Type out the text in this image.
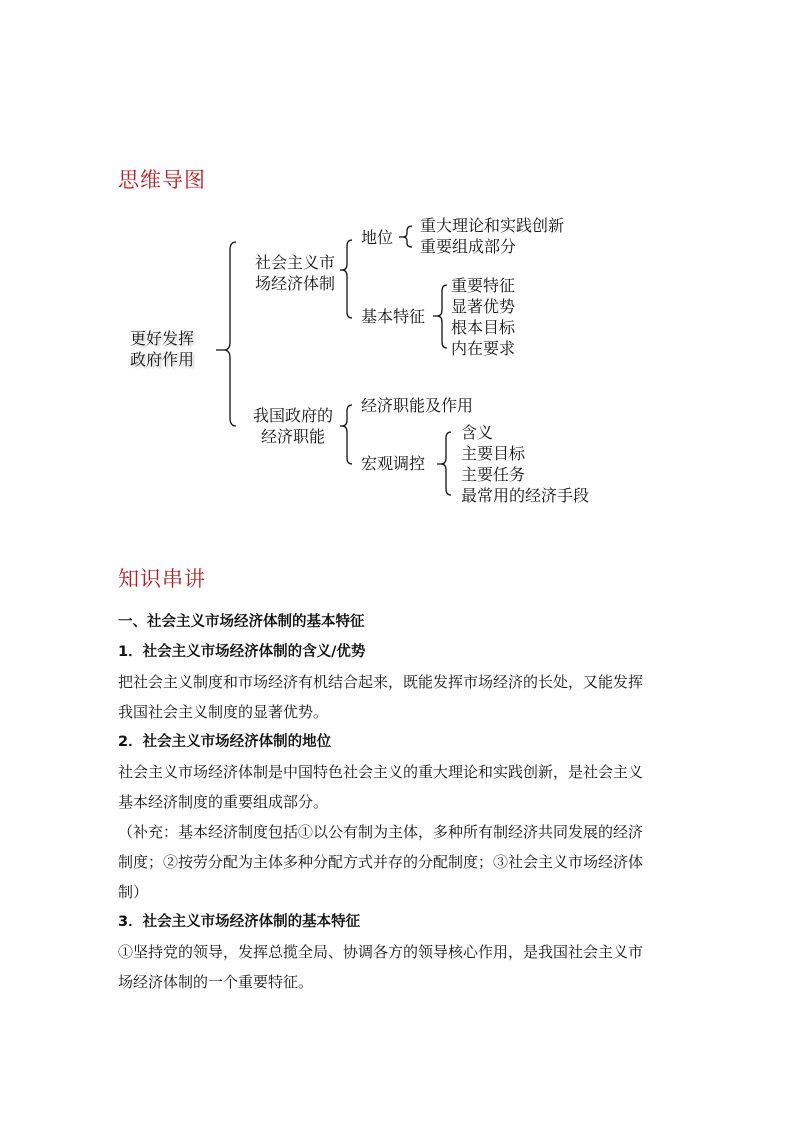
思维导图
更好发挥
政府作用
社会主义市
场经济体制
地位
重大理论和实践创新
重要组成部分
基本特征
重要特征
显著优势
根本目标
内在要求
我国政府的
经济职能
经济职能及作用
宏观调控
含义
主要目标
主要任务
最常用的经济手段
知识串讲

一、社会主义市场经济体制的基本特征

1．社会主义市场经济体制的含义/优势

把社会主义制度和市场经济有机结合起来，既能发挥市场经济的长处，又能发挥

我国社会主义制度的显著优势。

2．社会主义市场经济体制的地位

社会主义市场经济体制是中国特色社会主义的重大理论和实践创新，是社会主义

基本经济制度的重要组成部分。

（补充：基本经济制度包括①以公有制为主体，多种所有制经济共同发展的经济

制度；②按劳分配为主体多种分配方式并存的分配制度；③社会主义市场经济体

制）

3．社会主义市场经济体制的基本特征

①坚持党的领导，发挥总揽全局、协调各方的领导核心作用，是我国社会主义市

场经济体制的一个重要特征。
